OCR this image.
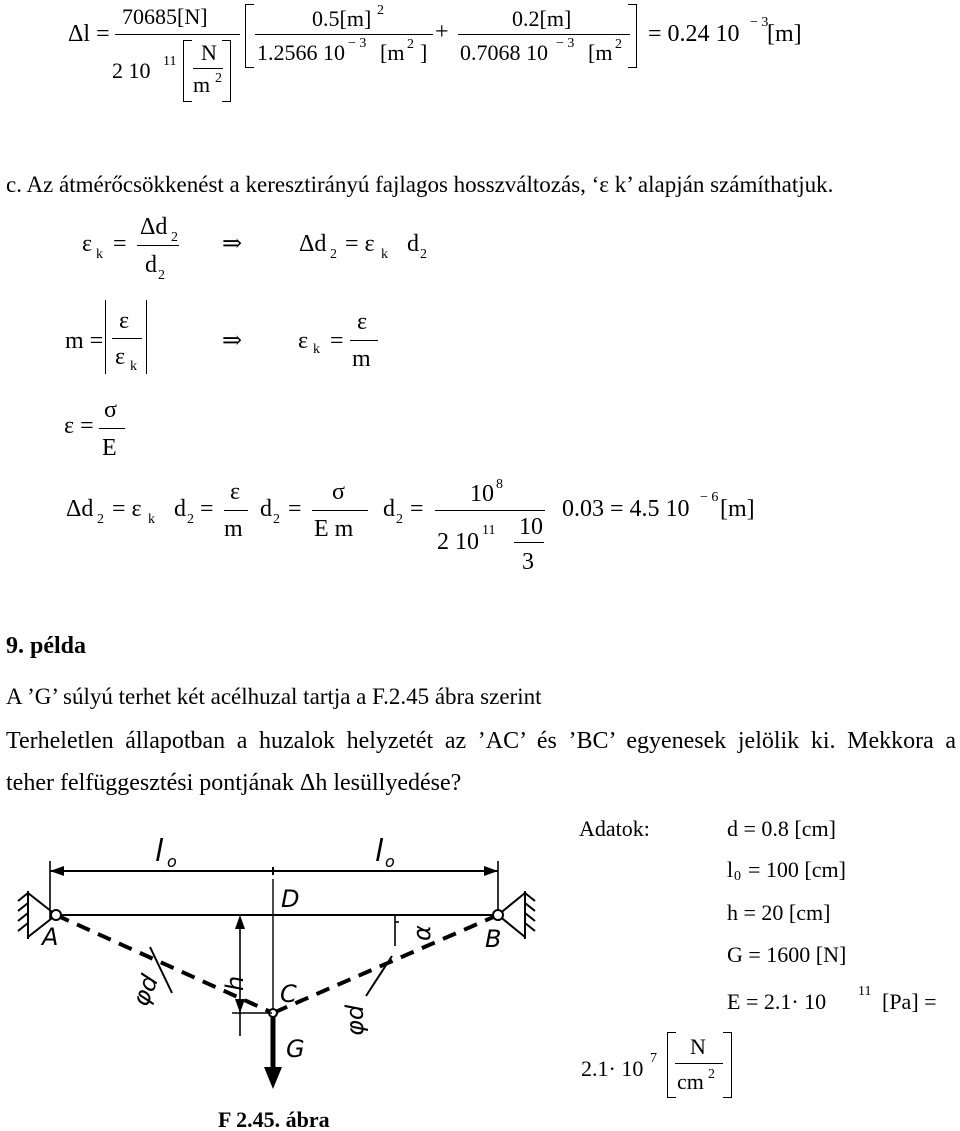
Δl =
70685[N]
2 10 11 N
m 2
0.5[m] 2
1.2566 10 − 3 [m 2 ]
+
0.2[m]
0.7068 10 − 3 [m 2 = 0.24 10 − 3
[m]
c. Az átmérőcsökkenést a keresztirányú fajlagos hosszváltozás, ‘ε k’ alapján számíthatjuk.
ε k =
Δd 2
d 2
⇒ Δd 2 = ε k d 2
m =
ε
ε k
⇒ ε k =
ε
m
ε =
σ
E
Δd 2 = ε k d 2 =
ε
m
d 2 =
σ
E m
d 2 =
10 8
2 10 11 10
3
0.03 = 4.5 10 − 6 [m]
9. példa
A ’G’ súlyú terhet két acélhuzal tartja a F.2.45 ábra szerint
Terheletlen állapotban a huzalok helyzetét az ’AC’ és ’BC’ egyenesek jelölik ki. Mekkora a
teher felfüggesztési pontjának Δh lesüllyedése?
Adatok:	d = 0.8 [cm]
l 0 = 100 [cm]
h = 20 [cm]
G = 1600 [N]
E = 2.1· 10 11 [Pa] =
2.1· 10 7 N
cm 2
l o	l o
D
A	B
C
G
h
α
φd
φd
F 2.45. ábra
